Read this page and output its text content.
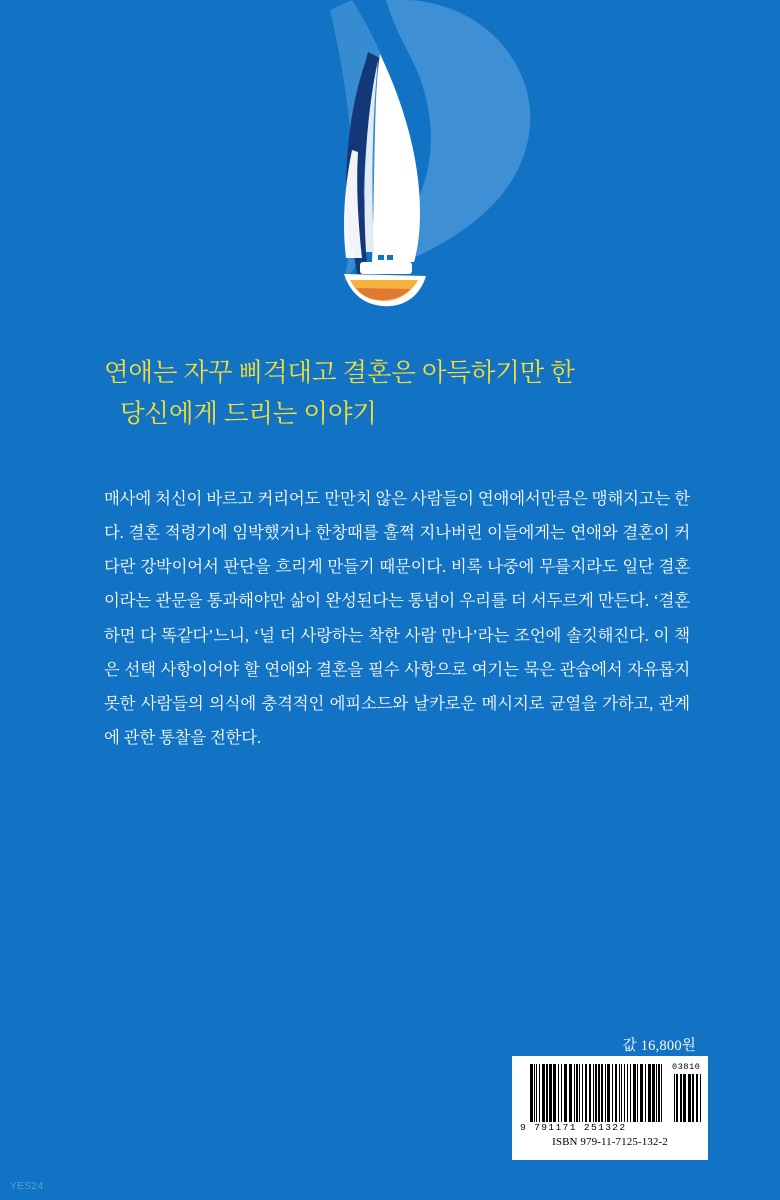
연애는 자꾸 삐걱대고 결혼은 아득하기만 한
당신에게 드리는 이야기

매사에 처신이 바르고 커리어도 만만치 않은 사람들이 연애에서만큼은 맹해지고는 한다. 결혼 적령기에 임박했거나 한창때를 훌쩍 지나버린 이들에게는 연애와 결혼이 커다란 강박이어서 판단을 흐리게 만들기 때문이다. 비록 나중에 무를지라도 일단 결혼이라는 관문을 통과해야만 삶이 완성된다는 통념이 우리를 더 서두르게 만든다. ‘결혼하면 다 똑같다’느니, ‘널 더 사랑하는 착한 사람 만나’라는 조언에 솔깃해진다. 이 책은 선택 사항이어야 할 연애와 결혼을 필수 사항으로 여기는 묵은 관습에서 자유롭지 못한 사람들의 의식에 충격적인 에피소드와 날카로운 메시지로 균열을 가하고, 관계에 관한 통찰을 전한다.

값 16,800원
03810
9 791171 251322
ISBN 979-11-7125-132-2
YES24
